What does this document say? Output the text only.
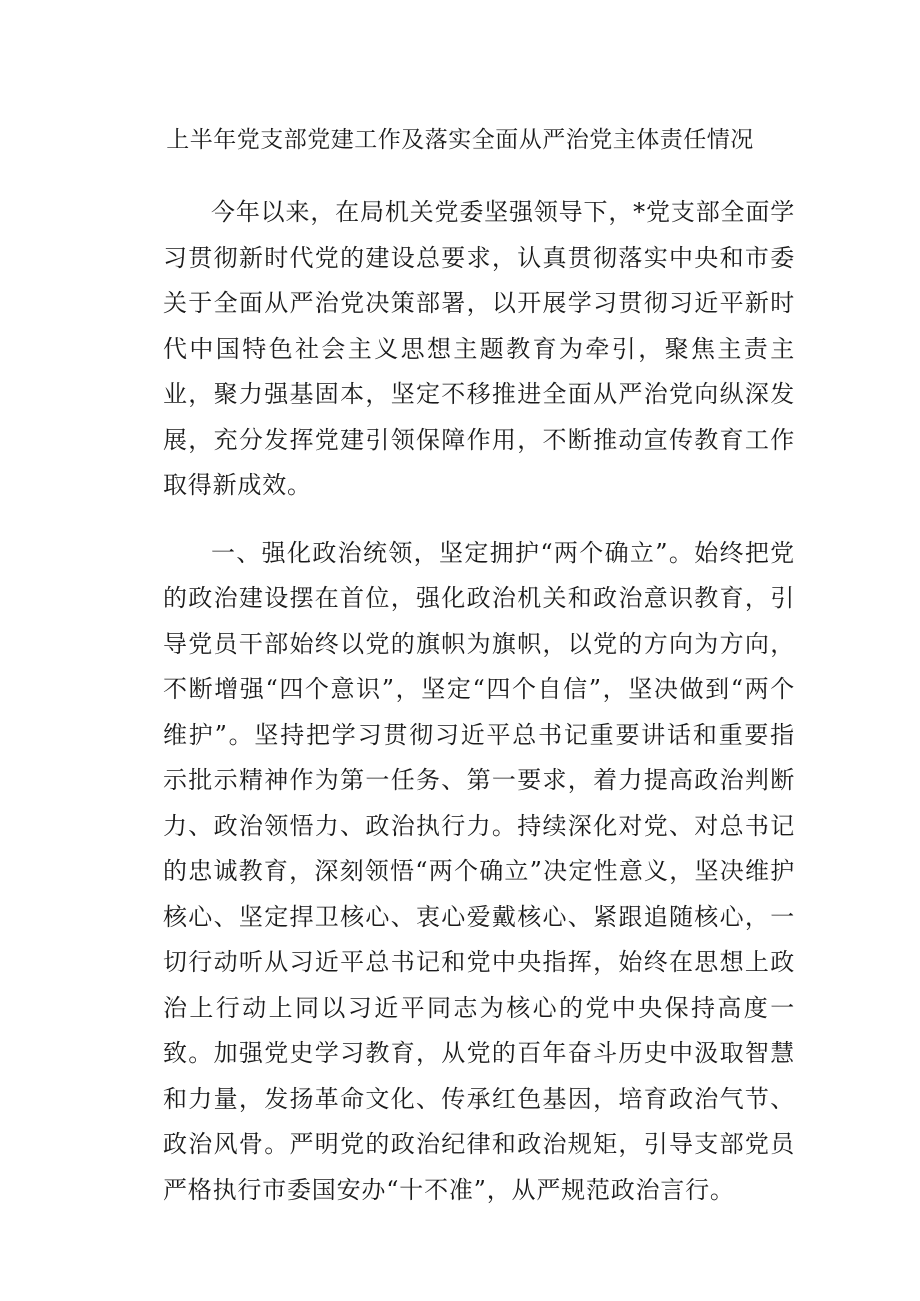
上半年党支部党建工作及落实全面从严治党主体责任情况

今年以来，在局机关党委坚强领导下，*党支部全面学习贯彻新时代党的建设总要求，认真贯彻落实中央和市委关于全面从严治党决策部署，以开展学习贯彻习近平新时代中国特色社会主义思想主题教育为牵引，聚焦主责主业，聚力强基固本，坚定不移推进全面从严治党向纵深发展，充分发挥党建引领保障作用，不断推动宣传教育工作取得新成效。

一、强化政治统领，坚定拥护“两个确立”。始终把党的政治建设摆在首位，强化政治机关和政治意识教育，引导党员干部始终以党的旗帜为旗帜，以党的方向为方向，不断增强“四个意识”，坚定“四个自信”，坚决做到“两个维护”。坚持把学习贯彻习近平总书记重要讲话和重要指示批示精神作为第一任务、第一要求，着力提高政治判断力、政治领悟力、政治执行力。持续深化对党、对总书记的忠诚教育，深刻领悟“两个确立”决定性意义，坚决维护核心、坚定捍卫核心、衷心爱戴核心、紧跟追随核心，一切行动听从习近平总书记和党中央指挥，始终在思想上政治上行动上同以习近平同志为核心的党中央保持高度一致。加强党史学习教育，从党的百年奋斗历史中汲取智慧和力量，发扬革命文化、传承红色基因，培育政治气节、政治风骨。严明党的政治纪律和政治规矩，引导支部党员严格执行市委国安办“十不准”，从严规范政治言行。
